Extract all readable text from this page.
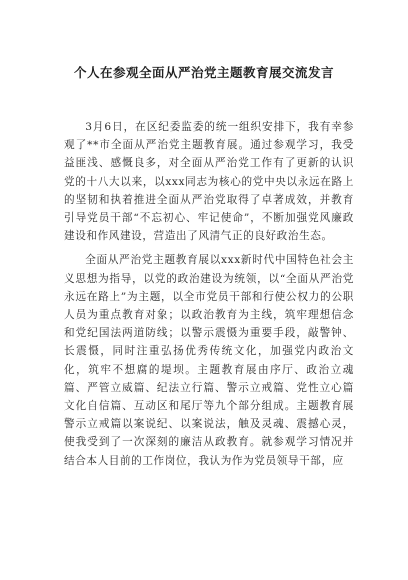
个人在参观全面从严治党主题教育展交流发言

3月6日，在区纪委监委的统一组织安排下，我有幸参观了**市全面从严治党主题教育展。通过参观学习，我受益匪浅、感慨良多，对全面从严治党工作有了更新的认识党的十八大以来，以xxx同志为核心的党中央以永远在路上的坚韧和执着推进全面从严治党取得了卓著成效，并教育引导党员干部“不忘初心、牢记使命”，不断加强党风廉政建设和作风建设，营造出了风清气正的良好政治生态。

全面从严治党主题教育展以xxx新时代中国特色社会主义思想为指导，以党的政治建设为统领，以“全面从严治党永远在路上”为主题，以全市党员干部和行使公权力的公职人员为重点教育对象；以政治教育为主线，筑牢理想信念和党纪国法两道防线；以警示震慑为重要手段，敲警钟、长震慑，同时注重弘扬优秀传统文化，加强党内政治文化，筑牢不想腐的堤坝。主题教育展由序厅、政治立魂篇、严管立威篇、纪法立行篇、警示立戒篇、党性立心篇文化自信篇、互动区和尾厅等九个部分组成。主题教育展警示立戒篇以案说纪、以案说法，触及灵魂、震撼心灵，使我受到了一次深刻的廉洁从政教育。就参观学习情况并结合本人目前的工作岗位，我认为作为党员领导干部，应
